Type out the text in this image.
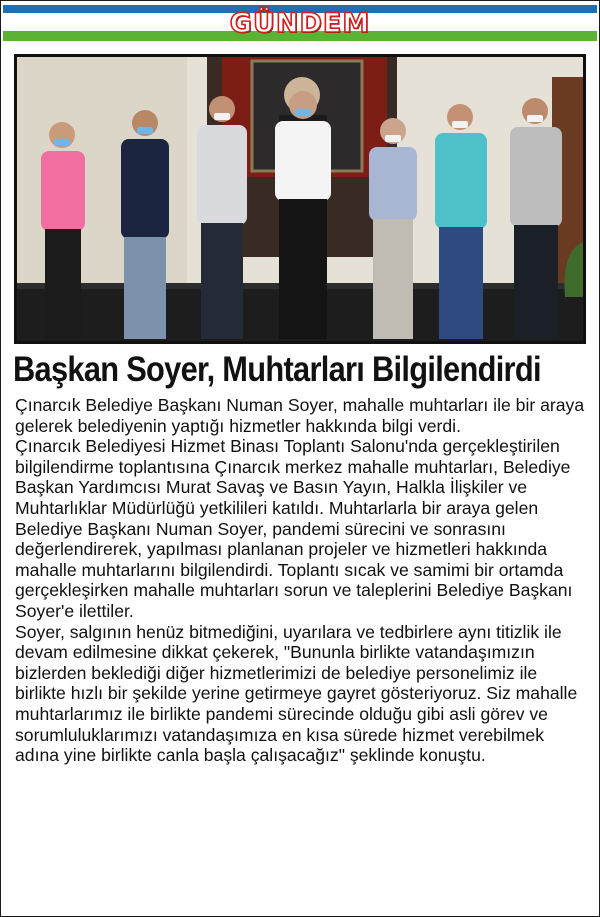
GÜNDEM
Başkan Soyer, Muhtarları Bilgilendirdi

Çınarcık Belediye Başkanı Numan Soyer, mahalle muhtarları ile bir araya gelerek belediyenin yaptığı hizmetler hakkında bilgi verdi.

Çınarcık Belediyesi Hizmet Binası Toplantı Salonu'nda gerçekleştirilen bilgilendirme toplantısına Çınarcık merkez mahalle muhtarları, Belediye Başkan Yardımcısı Murat Savaş ve Basın Yayın, Halkla İlişkiler ve Muhtarlıklar Müdürlüğü yetkilileri katıldı. Muhtarlarla bir araya gelen Belediye Başkanı Numan Soyer, pandemi sürecini ve sonrasını değerlendirerek, yapılması planlanan projeler ve hizmetleri hakkında mahalle muhtarlarını bilgilendirdi. Toplantı sıcak ve samimi bir ortamda gerçekleşirken mahalle muhtarları sorun ve taleplerini Belediye Başkanı Soyer'e ilettiler.

Soyer, salgının henüz bitmediğini, uyarılara ve tedbirlere aynı titizlik ile devam edilmesine dikkat çekerek, "Bununla birlikte vatandaşımızın bizlerden beklediği diğer hizmetlerimizi de belediye personelimiz ile birlikte hızlı bir şekilde yerine getirmeye gayret gösteriyoruz. Siz mahalle muhtarlarımız ile birlikte pandemi sürecinde olduğu gibi asli görev ve sorumluluklarımızı vatandaşımıza en kısa sürede hizmet verebilmek adına yine birlikte canla başla çalışacağız" şeklinde konuştu.
